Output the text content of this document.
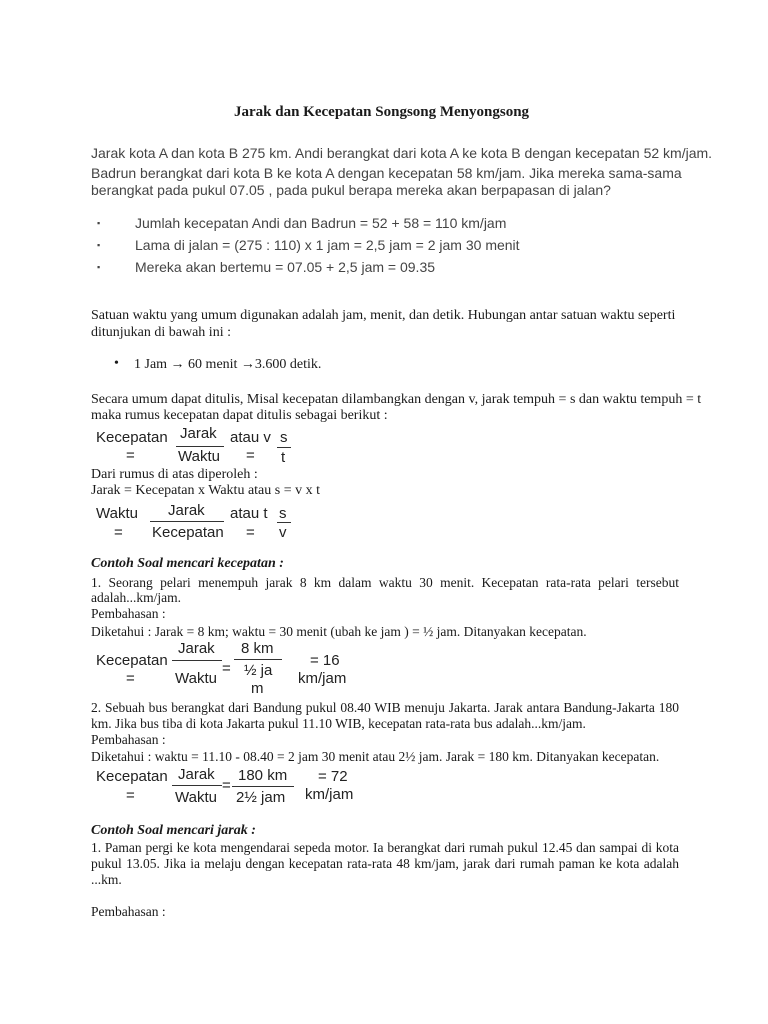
Jarak dan Kecepatan Songsong Menyongsong
Jarak kota A dan kota B 275 km. Andi berangkat dari kota A ke kota B dengan kecepatan 52 km/jam.
Badrun berangkat dari kota B ke kota A dengan kecepatan 58 km/jam. Jika mereka sama-sama
berangkat pada pukul 07.05 , pada pukul berapa mereka akan berpapasan di jalan?
▪ Jumlah kecepatan Andi dan Badrun = 52 + 58 = 110 km/jam
▪ Lama di jalan = (275 : 110) x 1 jam = 2,5 jam = 2 jam 30 menit
▪ Mereka akan bertemu = 07.05 + 2,5 jam = 09.35
Satuan waktu yang umum digunakan adalah jam, menit, dan detik. Hubungan antar satuan waktu seperti
ditunjukan di bawah ini :
• 1 Jam → 60 menit →3.600 detik.
Secara umum dapat ditulis, Misal kecepatan dilambangkan dengan v, jarak tempuh = s dan waktu tempuh = t
maka rumus kecepatan dapat ditulis sebagai berikut :
Kecepatan
=
Jarak
Waktu
atau v
=
s
t
Dari rumus di atas diperoleh :
Jarak = Kecepatan x Waktu atau s = v x t
Waktu
=
Jarak
Kecepatan
atau t
=
s
v
Contoh Soal mencari kecepatan :
1. Seorang pelari menempuh jarak 8 km dalam waktu 30 menit. Kecepatan rata-rata pelari tersebut
adalah...km/jam.
Pembahasan :
Diketahui : Jarak = 8 km; waktu = 30 menit (ubah ke jam ) = ½ jam. Ditanyakan kecepatan.
Kecepatan
=
Jarak
Waktu
=
8 km
½ ja
m
= 16
km/jam
2. Sebuah bus berangkat dari Bandung pukul 08.40 WIB menuju Jakarta. Jarak antara Bandung-Jakarta 180
km. Jika bus tiba di kota Jakarta pukul 11.10 WIB, kecepatan rata-rata bus adalah...km/jam.
Pembahasan :
Diketahui : waktu = 11.10 - 08.40 = 2 jam 30 menit atau 2½ jam. Jarak = 180 km. Ditanyakan kecepatan.
Kecepatan
=
Jarak
Waktu
=
180 km
2½ jam
= 72
km/jam
Contoh Soal mencari jarak :
1. Paman pergi ke kota mengendarai sepeda motor. Ia berangkat dari rumah pukul 12.45 dan sampai di kota
pukul 13.05. Jika ia melaju dengan kecepatan rata-rata 48 km/jam, jarak dari rumah paman ke kota adalah
...km.
Pembahasan :
